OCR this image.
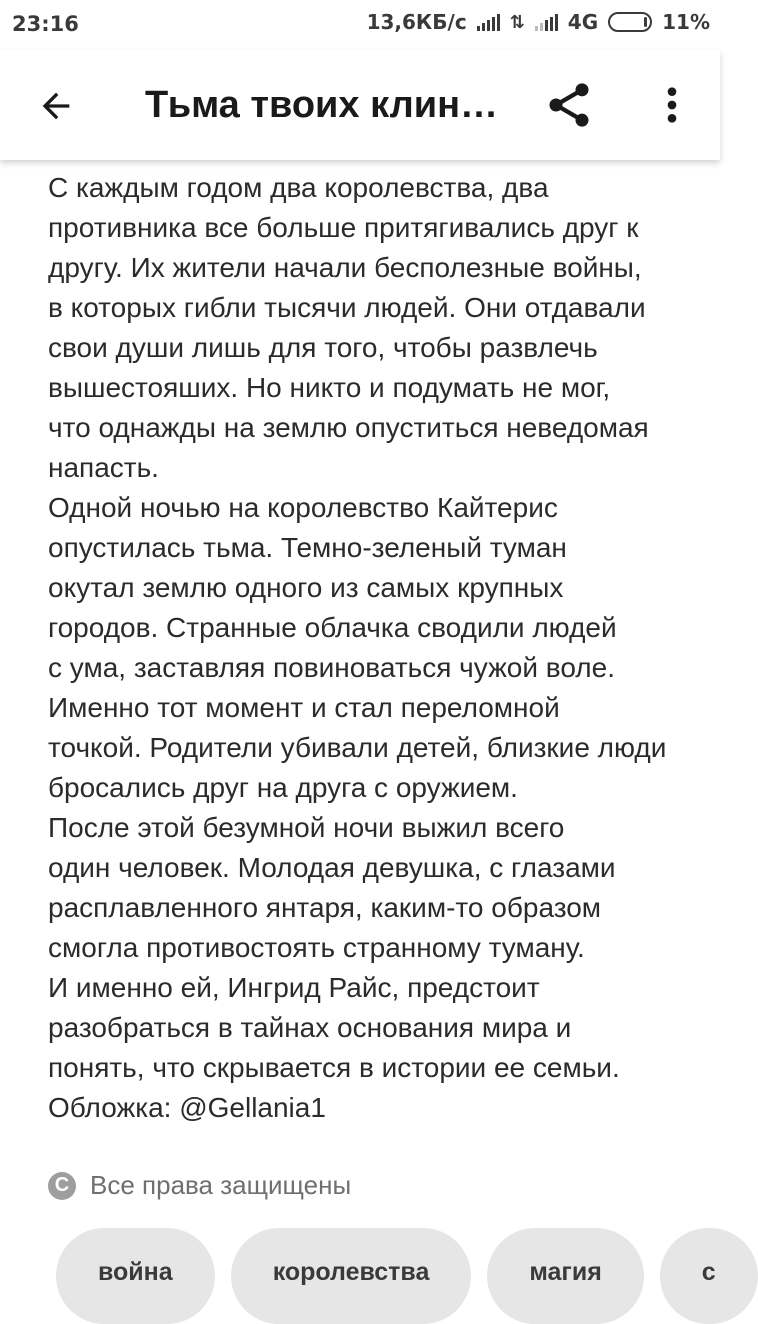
23:16	13,6КБ/с ⇅ 4G	11%
Тьма твоих клин…

С каждым годом два королевства, два
противника все больше притягивались друг к
другу. Их жители начали бесполезные войны,
в которых гибли тысячи людей. Они отдавали
свои души лишь для того, чтобы развлечь
вышестояших. Но никто и подумать не мог,
что однажды на землю опуститься неведомая
напасть.
Одной ночью на королевство Кайтерис
опустилась тьма. Темно-зеленый туман
окутал землю одного из самых крупных
городов. Странные облачка сводили людей
с ума, заставляя повиноваться чужой воле.
Именно тот момент и стал переломной
точкой. Родители убивали детей, близкие люди
бросались друг на друга с оружием.
После этой безумной ночи выжил всего
один человек. Молодая девушка, с глазами
расплавленного янтаря, каким-то образом
смогла противостоять странному туману.
И именно ей, Ингрид Райс, предстоит
разобраться в тайнах основания мира и
понять, что скрывается в истории ее семьи.
Обложка: @Gellania1

C Все права защищены
война	королевства	магия	с
